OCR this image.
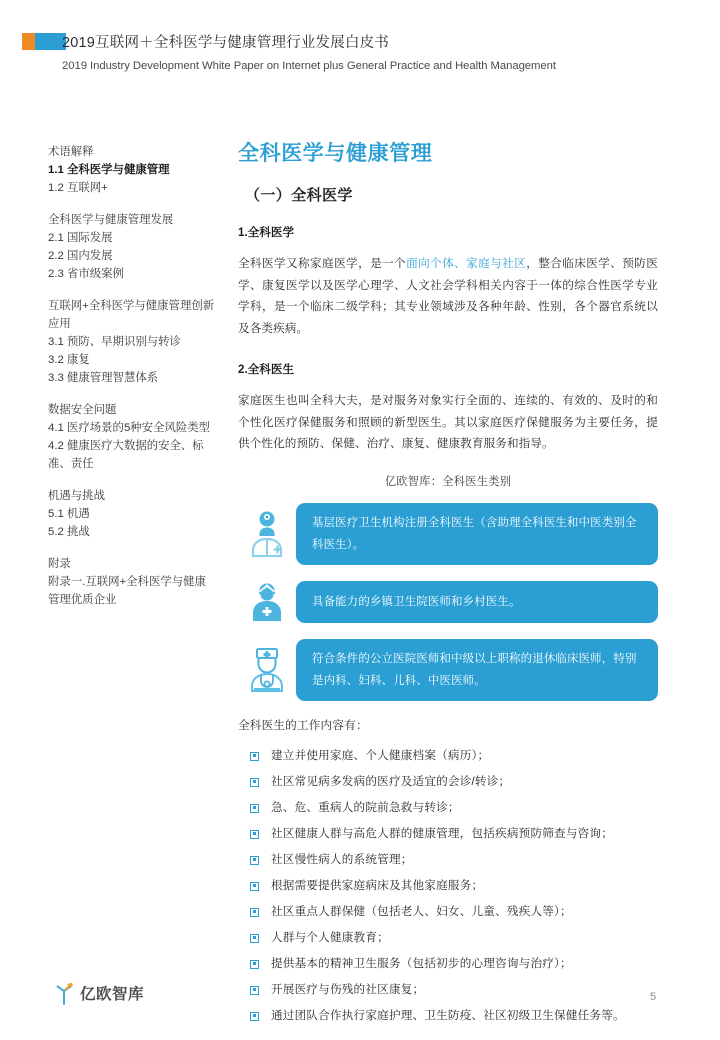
2019互联网＋全科医学与健康管理行业发展白皮书
2019 Industry Development White Paper on Internet plus General Practice and Health Management
术语解释
1.1 全科医学与健康管理
1.2 互联网+
全科医学与健康管理发展
2.1 国际发展
2.2 国内发展
2.3 省市级案例
互联网+全科医学与健康管理创新应用
3.1 预防、早期识别与转诊
3.2 康复
3.3 健康管理智慧体系
数据安全问题
4.1 医疗场景的5种安全风险类型
4.2 健康医疗大数据的安全、标准、责任
机遇与挑战
5.1 机遇
5.2 挑战
附录
附录一.互联网+全科医学与健康管理优质企业
全科医学与健康管理
（一）全科医学
1.全科医学
全科医学又称家庭医学，是一个面向个体、家庭与社区，整合临床医学、预防医学、康复医学以及医学心理学、人文社会学科相关内容于一体的综合性医学专业学科，是一个临床二级学科；其专业领域涉及各种年龄、性别，各个器官系统以及各类疾病。
2.全科医生
家庭医生也叫全科大夫，是对服务对象实行全面的、连续的、有效的、及时的和个性化医疗保健服务和照顾的新型医生。其以家庭医疗保健服务为主要任务，提供个性化的预防、保健、治疗、康复、健康教育服务和指导。
亿欧智库：全科医生类别
基层医疗卫生机构注册全科医生（含助理全科医生和中医类别全科医生）。
具备能力的乡镇卫生院医师和乡村医生。
符合条件的公立医院医师和中级以上职称的退休临床医师，特别是内科、妇科、儿科、中医医师。
全科医生的工作内容有：
建立并使用家庭、个人健康档案（病历）；
社区常见病多发病的医疗及适宜的会诊/转诊；
急、危、重病人的院前急救与转诊；
社区健康人群与高危人群的健康管理，包括疾病预防筛查与咨询；
社区慢性病人的系统管理；
根据需要提供家庭病床及其他家庭服务；
社区重点人群保健（包括老人、妇女、儿童、残疾人等）；
人群与个人健康教育；
提供基本的精神卫生服务（包括初步的心理咨询与治疗）；
开展医疗与伤残的社区康复；
通过团队合作执行家庭护理、卫生防疫、社区初级卫生保健任务等。
亿欧智库	5
